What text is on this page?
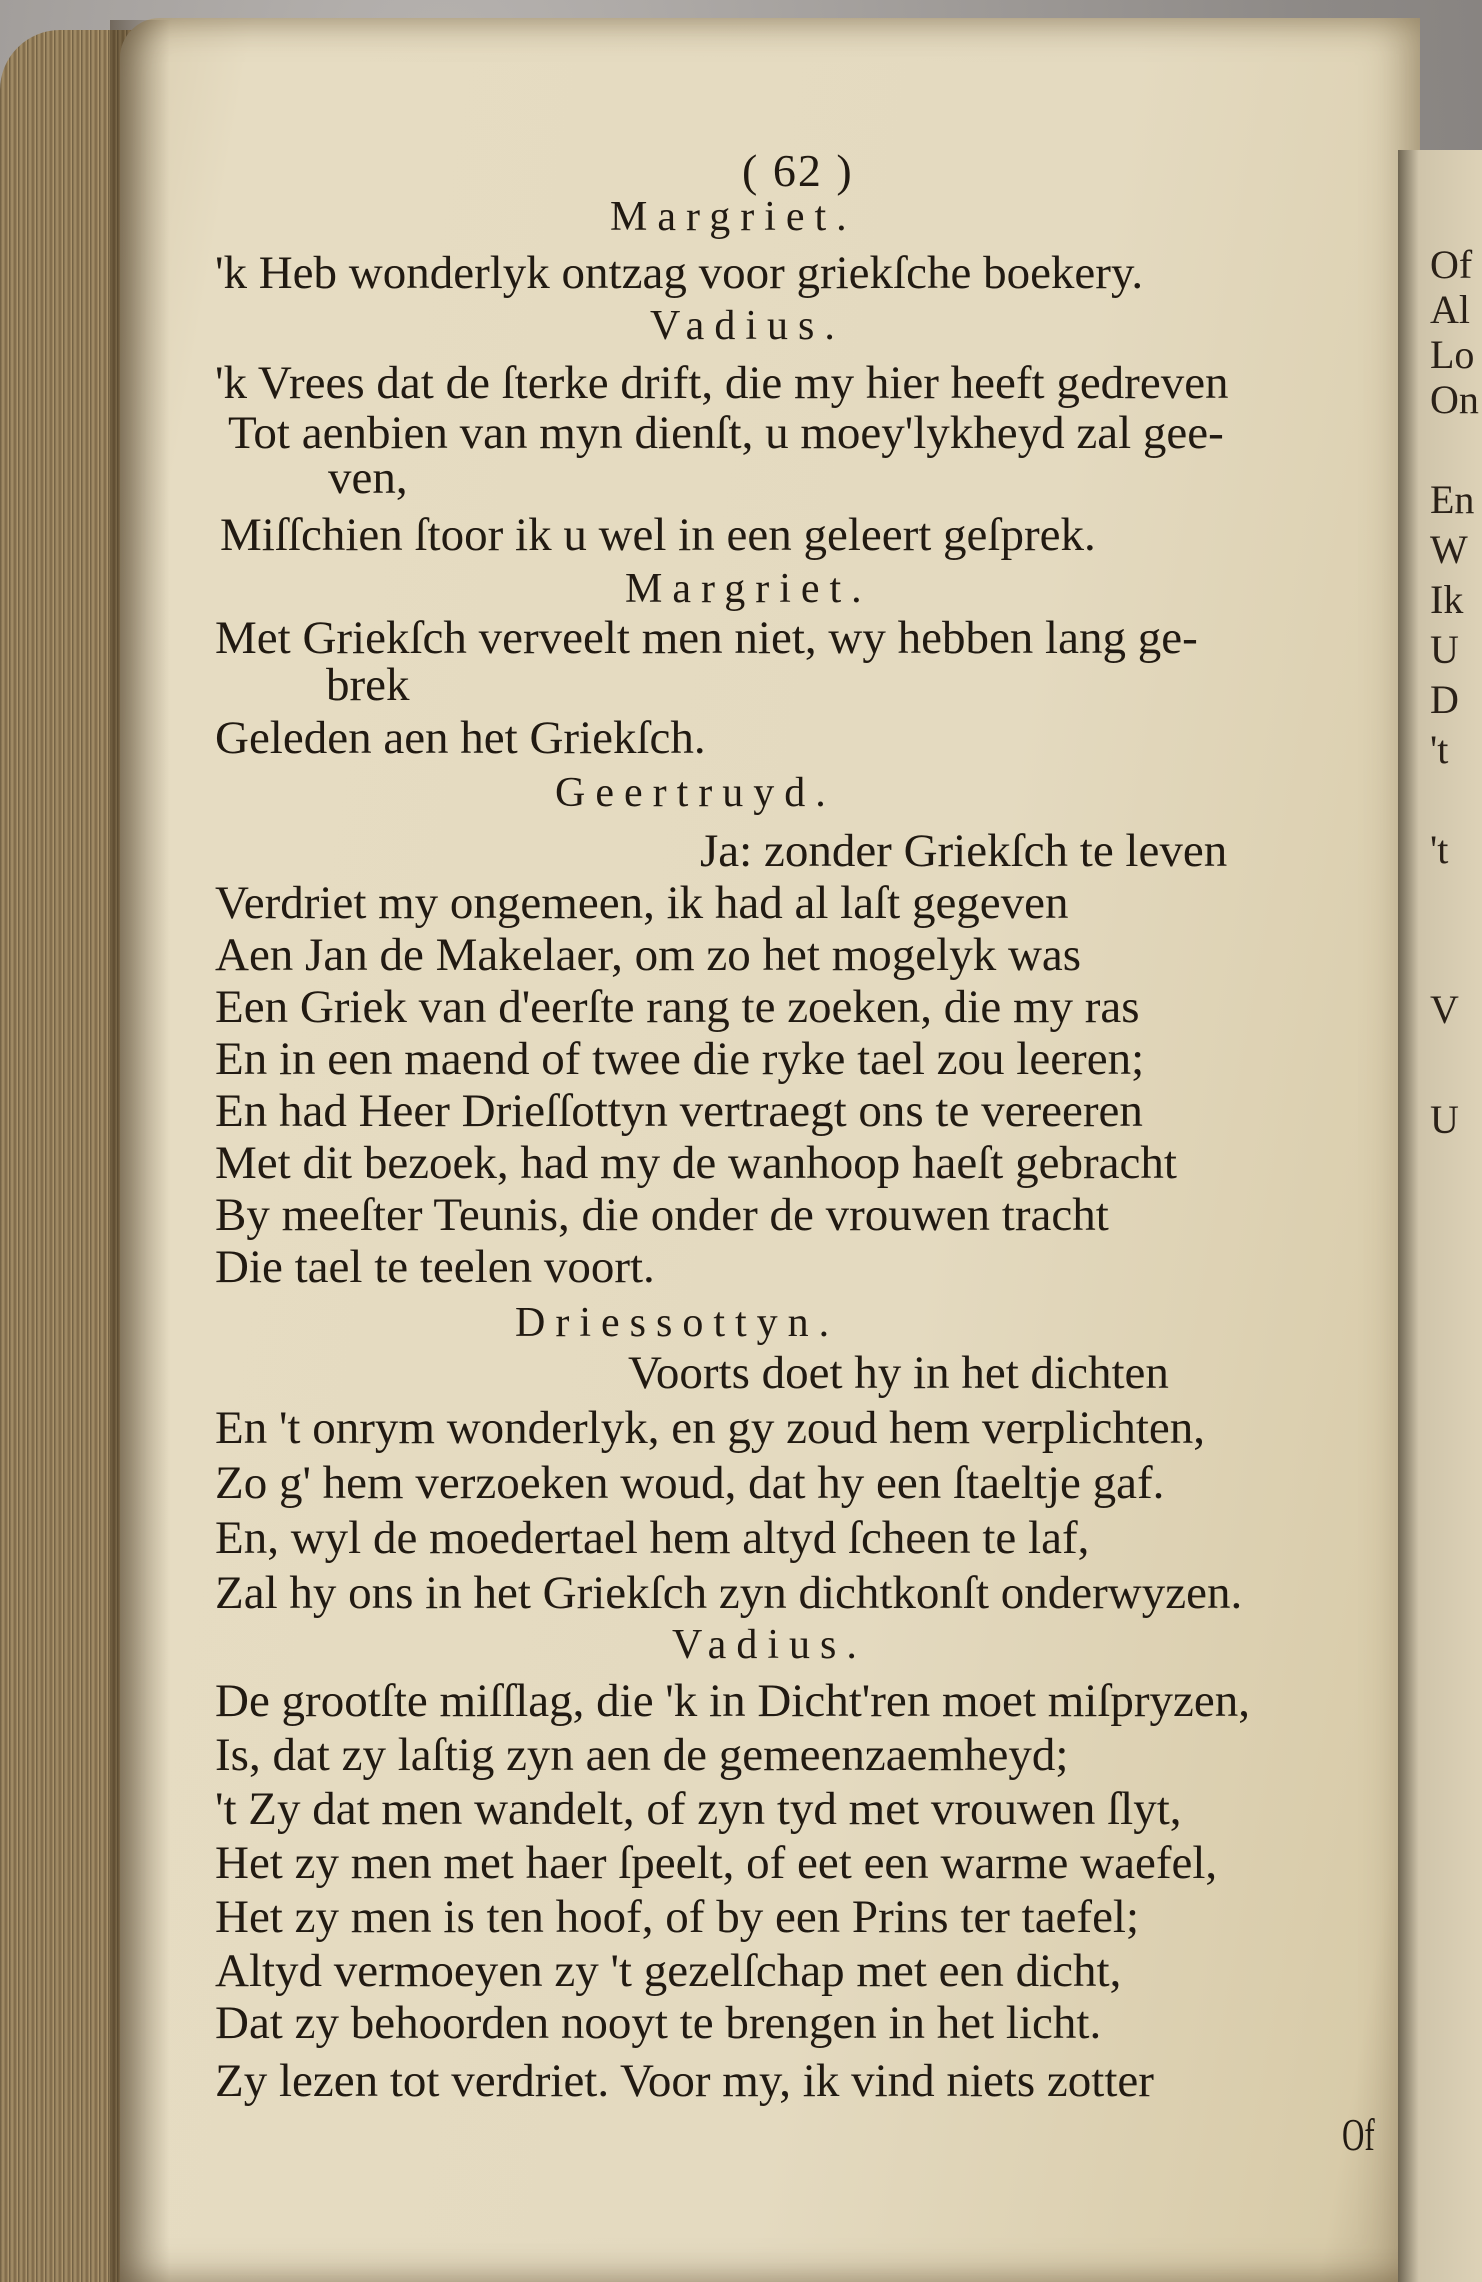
Of
Al
Lo
On
En
W
Ik
U
D
't
't
V
U
( 62 )
Margriet.
'k Heb wonderlyk ontzag voor griekſche boekery.
Vadius.
'k Vrees dat de ſterke drift, die my hier heeft gedreven
Tot aenbien van myn dienſt, u moey'lykheyd zal gee-
ven,
Miſſchien ſtoor ik u wel in een geleert geſprek.
Margriet.
Met Griekſch verveelt men niet, wy hebben lang ge-
brek
Geleden aen het Griekſch.
Geertruyd.
Ja: zonder Griekſch te leven
Verdriet my ongemeen, ik had al laſt gegeven
Aen Jan de Makelaer, om zo het mogelyk was
Een Griek van d'eerſte rang te zoeken, die my ras
En in een maend of twee die ryke tael zou leeren;
En had Heer Drieſſottyn vertraegt ons te vereeren
Met dit bezoek, had my de wanhoop haeſt gebracht
By meeſter Teunis, die onder de vrouwen tracht
Die tael te teelen voort.
Driessottyn.
Voorts doet hy in het dichten
En 't onrym wonderlyk, en gy zoud hem verplichten,
Zo g' hem verzoeken woud, dat hy een ſtaeltje gaf.
En, wyl de moedertael hem altyd ſcheen te laf,
Zal hy ons in het Griekſch zyn dichtkonſt onderwyzen.
Vadius.
De grootſte miſſlag, die 'k in Dicht'ren moet miſpryzen,
Is, dat zy laſtig zyn aen de gemeenzaemheyd;
't Zy dat men wandelt, of zyn tyd met vrouwen ſlyt,
Het zy men met haer ſpeelt, of eet een warme waefel,
Het zy men is ten hoof, of by een Prins ter taefel;
Altyd vermoeyen zy 't gezelſchap met een dicht,
Dat zy behoorden nooyt te brengen in het licht.
Zy lezen tot verdriet. Voor my, ik vind niets zotter
Of
